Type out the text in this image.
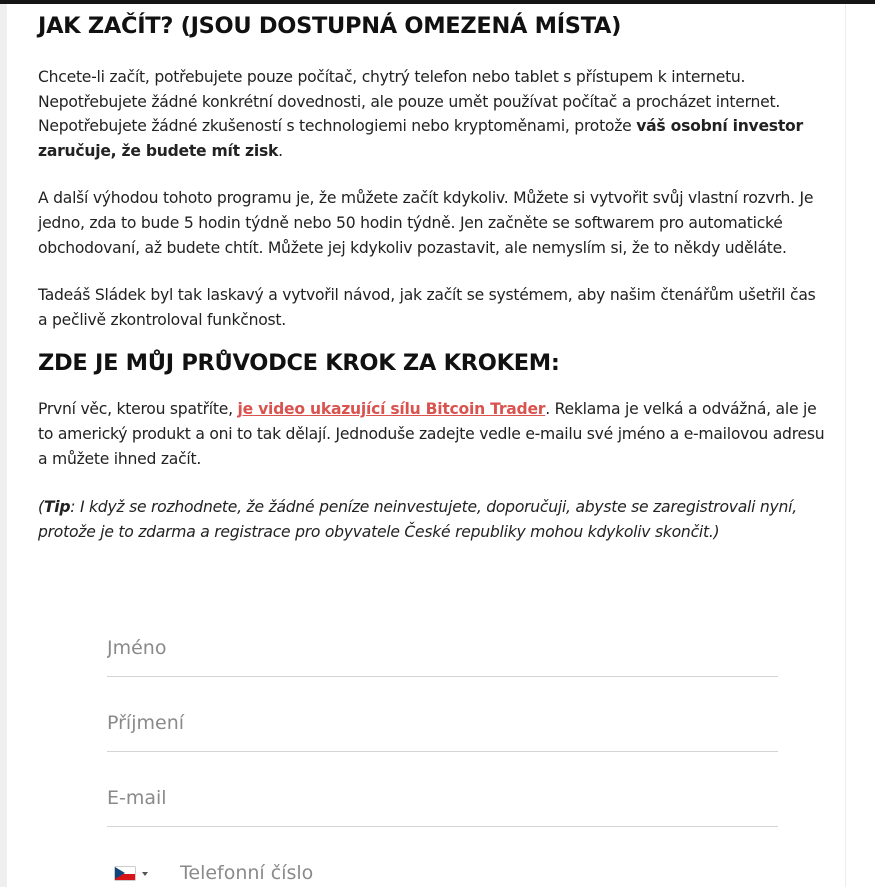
JAK ZAČÍT? (JSOU DOSTUPNÁ OMEZENÁ MÍSTA)

Chcete-li začít, potřebujete pouze počítač, chytrý telefon nebo tablet s přístupem k internetu. Nepotřebujete žádné konkrétní dovednosti, ale pouze umět používat počítač a procházet internet. Nepotřebujete žádné zkušeností s technologiemi nebo kryptoměnami, protože váš osobní investor zaručuje, že budete mít zisk.

A další výhodou tohoto programu je, že můžete začít kdykoliv. Můžete si vytvořit svůj vlastní rozvrh. Je jedno, zda to bude 5 hodin týdně nebo 50 hodin týdně. Jen začněte se softwarem pro automatické obchodovaní, až budete chtít. Můžete jej kdykoliv pozastavit, ale nemyslím si, že to někdy uděláte.

Tadeáš Sládek byl tak laskavý a vytvořil návod, jak začít se systémem, aby našim čtenářům ušetřil čas a pečlivě zkontroloval funkčnost.

ZDE JE MŮJ PRŮVODCE KROK ZA KROKEM:

První věc, kterou spatříte, je video ukazující sílu Bitcoin Trader. Reklama je velká a odvážná, ale je to americký produkt a oni to tak dělají. Jednoduše zadejte vedle e-mailu své jméno a e-mailovou adresu a můžete ihned začít.

(Tip: I když se rozhodnete, že žádné peníze neinvestujete, doporučuji, abyste se zaregistrovali nyní, protože je to zdarma a registrace pro obyvatele České republiky mohou kdykoliv skončit.)

Jméno
Příjmení
E-mail
Telefonní číslo
